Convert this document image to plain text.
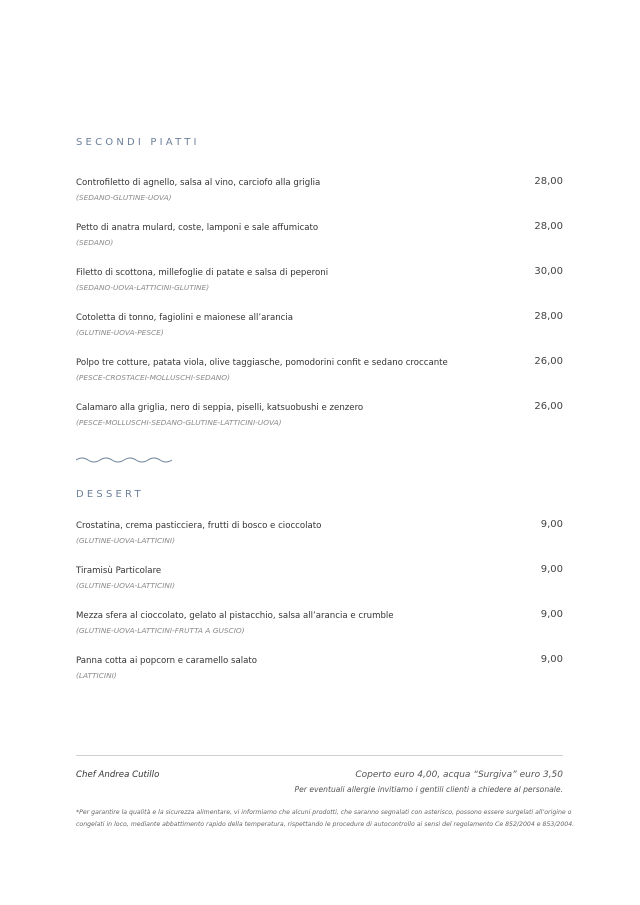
SECONDI PIATTI
Controfiletto di agnello, salsa al vino, carciofo alla griglia
(SEDANO-GLUTINE-UOVA)
28,00
Petto di anatra mulard, coste, lamponi e sale affumicato
(SEDANO)
28,00
Filetto di scottona, millefoglie di patate e salsa di peperoni
(SEDANO-UOVA-LATTICINI-GLUTINE)
30,00
Cotoletta di tonno, fagiolini e maionese all’arancia
(GLUTINE-UOVA-PESCE)
28,00
Polpo tre cotture, patata viola, olive taggiasche, pomodorini confit e sedano croccante
(PESCE-CROSTACEI-MOLLUSCHI-SEDANO)
26,00
Calamaro alla griglia, nero di seppia, piselli, katsuobushi e zenzero
(PESCE-MOLLUSCHI-SEDANO-GLUTINE-LATTICINI-UOVA)
26,00
DESSERT
Crostatina, crema pasticciera, frutti di bosco e cioccolato
(GLUTINE-UOVA-LATTICINI)
9,00
Tiramisù Particolare
(GLUTINE-UOVA-LATTICINI)
9,00
Mezza sfera al cioccolato, gelato al pistacchio, salsa all’arancia e crumble
(GLUTINE-UOVA-LATTICINI-FRUTTA A GUSCIO)
9,00
Panna cotta ai popcorn e caramello salato
(LATTICINI)
9,00
Chef Andrea Cutillo	Coperto euro 4,00, acqua “Surgiva” euro 3,50
Per eventuali allergie invitiamo i gentili clienti a chiedere al personale.
*Per garantire la qualità e la sicurezza alimentare, vi informiamo che alcuni prodotti, che saranno segnalati con asterisco, possono essere surgelati all’origine o congelati in loco, mediante abbattimento rapido della temperatura, rispettando le procedure di autocontrollo ai sensi del regolamento Ce 852/2004 e 853/2004.
